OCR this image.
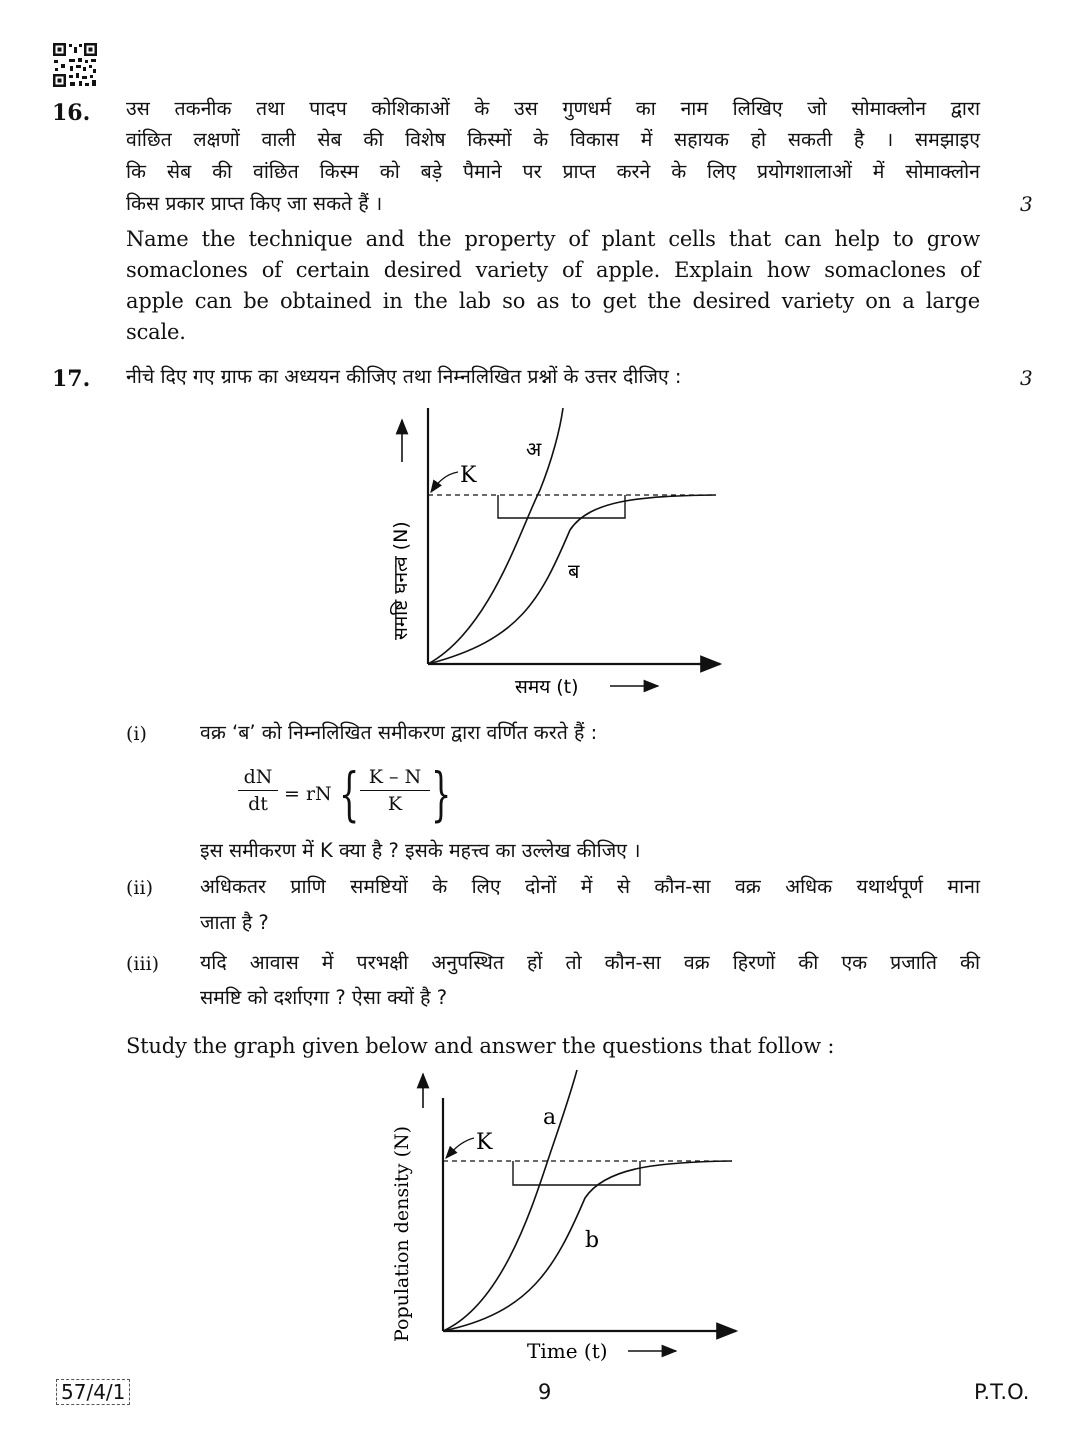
16. उस तकनीक तथा पादप कोशिकाओं के उस गुणधर्म का नाम लिखिए जो सोमाक्लोन द्वारा
वांछित लक्षणों वाली सेब की विशेष किस्मों के विकास में सहायक हो सकती है । समझाइए
कि सेब की वांछित किस्म को बड़े पैमाने पर प्राप्त करने के लिए प्रयोगशालाओं में सोमाक्लोन
किस प्रकार प्राप्त किए जा सकते हैं ।	3
Name the technique and the property of plant cells that can help to grow
somaclones of certain desired variety of apple. Explain how somaclones of
apple can be obtained in the lab so as to get the desired variety on a large
scale.
17. नीचे दिए गए ग्राफ का अध्ययन कीजिए तथा निम्नलिखित प्रश्नों के उत्तर दीजिए :	3
K
अ
ब
समष्टि घनत्व (N)
समय (t)
(i)	वक्र ‘ब’ को निम्नलिखित समीकरण द्वारा वर्णित करते हैं :
dN
dt = rN { K – N
K }
इस समीकरण में K क्या है ? इसके महत्त्व का उल्लेख कीजिए ।
(ii) अधिकतर प्राणि समष्टियों के लिए दोनों में से कौन-सा वक्र अधिक यथार्थपूर्ण माना
जाता है ?
(iii) यदि आवास में परभक्षी अनुपस्थित हों तो कौन-सा वक्र हिरणों की एक प्रजाति की
समष्टि को दर्शाएगा ? ऐसा क्यों है ?
Study the graph given below and answer the questions that follow :
K
a
b
Population density (N)
Time (t)
57/4/1	9	P.T.O.
